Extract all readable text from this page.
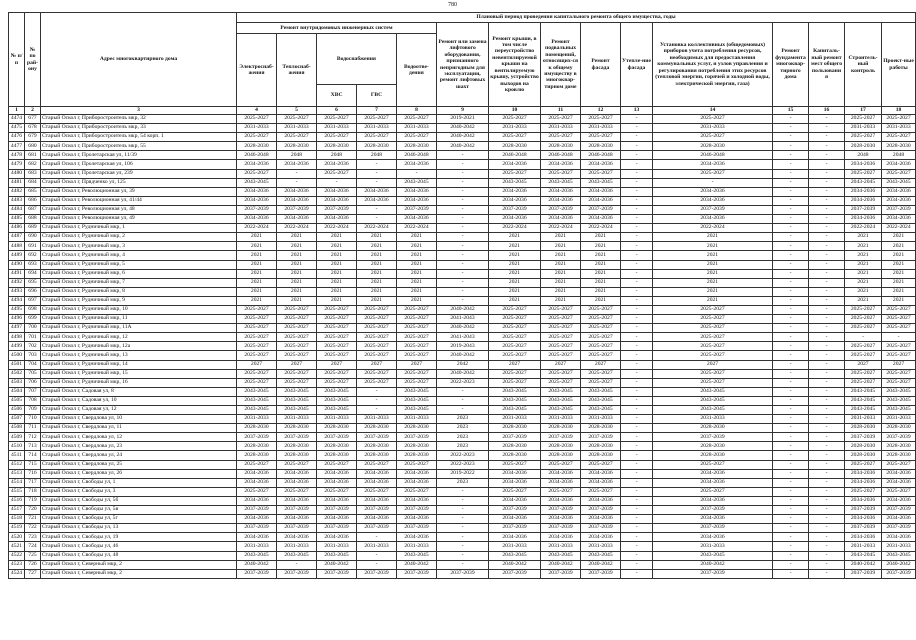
780
№ п/п	№ по рай-ону	Адрес многоквартирного дома	Плановый период проведения капитального ремонта общего имущества, годы
Ремонт внутридомовых инженерных систем	Ремонт или замена лифтового оборудования, признанного непригодным для эксплуатации, ремонт лифтовых шахт	Ремонт крыши, в том числе переустройство невентилируемой крыши на вентилируемую крышу, устройство выходов на кровлю	Ремонт подвальных помещений, относящих-ся к общему имуществу в многоквар-тирном доме	Ремонт фасада	Утепле-ние фасада	Установка коллективных (общедомовых) приборов учета потребления ресурсов, необходимых для предоставления коммунальных услуг, и узлов управления и регулирования потребления этих ресурсов (тепловой энергии, горячей и холодной воды, электрической энергии, газа)	Ремонт фундамента многоквар-тирного дома	Капиталь-ный ремонт мест общего пользовани я	Строитель-ный контроль	Проект-ные работы
Электроснаб-жения	Теплоснаб-жения	
Водоснабжения	Водоотве-дения
ХВС	ГВС

1	2	3	4	5	6	7	8	9	10	11	12	13	14	15	16	17	18
4474	677	Старый Оскол г, Приборостроитель мкр, 32	2025-2027	2025-2027	2025-2027	2025-2027	2025-2027	2019-2021	2025-2027	2025-2027	2025-2027	-	2025-2027	-	-	2025-2027	2025-2027
4475	678	Старый Оскол г, Приборостроитель мкр, 33	2031-2033	2031-2033	2031-2033	2031-2033	2031-2033	2040-2042	2031-2033	2031-2033	2031-2033	-	2031-2033	-	-	2031-2033	2031-2033
4476	679	Старый Оскол г, Приборостроитель мкр, 54 корп. 1	2025-2027	2025-2027	2025-2027	2025-2027	2025-2027	2040-2042	2025-2027	2025-2027	2025-2027	-	2025-2027	-	-	2025-2027	2025-2027
4477	680	Старый Оскол г, Приборостроитель мкр, 55	2028-2030	2028-2030	2028-2030	2028-2030	2028-2030	2040-2042	2028-2030	2028-2030	2028-2030	-	2028-2030	-	-	2028-2030	2028-2030
4478	681	Старый Оскол г, Пролетарская ул, 11/39	2046-2048	2048	2048	2048	2046-2048	-	2046-2048	2046-2048	2046-2048	-	2046-2048	-	-	2048	2048
4479	682	Старый Оскол г, Пролетарская ул, 106	2034-2036	2034-2036	2034-2036	-	2034-2036	-	2034-2036	2034-2036	2034-2036	-	2034-2036	-	-	2034-2036	2034-2036
4480	683	Старый Оскол г, Пролетарская ул, 239	2025-2027	-	2025-2027	-	-	-	2025-2027	2025-2027	2025-2027	-	2025-2027	-	-	2025-2027	2025-2027
4481	684	Старый Оскол г, Прядченко ул, 125	2043-2045	-	-	-	2043-2045	-	2043-2045	2043-2045	2043-2045	-	-	-	-	2043-2045	2043-2045
4482	685	Старый Оскол г, Революционная ул, 39	2034-2036	2034-2036	2034-2036	2034-2036	2034-2036	-	2034-2036	2034-2036	2034-2036	-	2034-2036	-	-	2034-2036	2034-2036
4483	686	Старый Оскол г, Революционная ул, 41/44	2034-2036	2034-2036	2034-2036	2034-2036	2034-2036	-	2034-2036	2034-2036	2034-2036	-	2034-2036	-	-	2034-2036	2034-2036
4484	687	Старый Оскол г, Революционная ул, 48	2037-2039	2037-2039	2037-2039	-	2037-2039	-	2037-2039	2037-2039	2037-2039	-	2037-2039	-	-	2037-2039	2037-2039
4485	688	Старый Оскол г, Революционная ул, 49	2034-2036	2034-2036	2034-2036	-	2034-2036	-	2034-2036	2034-2036	2034-2036	-	2034-2036	-	-	2034-2036	2034-2036
4486	689	Старый Оскол г, Рудничный мкр, 1	2022-2024	2022-2024	2022-2024	2022-2024	2022-2024	-	2022-2024	2022-2024	2022-2024	-	2022-2024	-	-	2022-2024	2022-2024
4487	690	Старый Оскол г, Рудничный мкр, 2	2021	2021	2021	2021	2021	-	2021	2021	2021	-	2021	-	-	2021	2021
4488	691	Старый Оскол г, Рудничный мкр, 3	2021	2021	2021	2021	2021	-	2021	2021	2021	-	2021	-	-	2021	2021
4489	692	Старый Оскол г, Рудничный мкр, 4	2021	2021	2021	2021	2021	-	2021	2021	2021	-	2021	-	-	2021	2021
4490	693	Старый Оскол г, Рудничный мкр, 5	2021	2021	2021	2021	2021	-	2021	2021	2021	-	2021	-	-	2021	2021
4491	694	Старый Оскол г, Рудничный мкр, 6	2021	2021	2021	2021	2021	-	2021	2021	2021	-	2021	-	-	2021	2021
4492	695	Старый Оскол г, Рудничный мкр, 7	2021	2021	2021	2021	2021	-	2021	2021	2021	-	2021	-	-	2021	2021
4493	696	Старый Оскол г, Рудничный мкр, 8	2021	2021	2021	2021	2021	-	2021	2021	2021	-	2021	-	-	2021	2021
4494	697	Старый Оскол г, Рудничный мкр, 9	2021	2021	2021	2021	2021	-	2021	2021	2021	-	2021	-	-	2021	2021
4495	698	Старый Оскол г, Рудничный мкр, 10	2025-2027	2025-2027	2025-2027	2025-2027	2025-2027	2040-2042	2025-2027	2025-2027	2025-2027	-	2025-2027	-	-	2025-2027	2025-2027
4496	699	Старый Оскол г, Рудничный мкр, 11	2025-2027	2025-2027	2025-2027	2025-2027	2025-2027	2041-2043	2025-2027	2025-2027	2025-2027	-	2025-2027	-	-	2025-2027	2025-2027
4497	700	Старый Оскол г, Рудничный мкр, 11А	2025-2027	2025-2027	2025-2027	2025-2027	2025-2027	2040-2042	2025-2027	2025-2027	2025-2027	-	2025-2027	-	-	2025-2027	2025-2027
4498	701	Старый Оскол г, Рудничный мкр, 12	2025-2027	2025-2027	2025-2027	2025-2027	2025-2027	2041-2043	2025-2027	2025-2027	2025-2027	-	2025-2027	-	-	-	-
4499	702	Старый Оскол г, Рудничный мкр, 12а	2025-2027	2025-2027	2025-2027	2025-2027	2025-2027	2019-2043	2025-2027	2025-2027	2025-2027	-	2025-2027	-	-	2025-2027	2025-2027
4500	703	Старый Оскол г, Рудничный мкр, 13	2025-2027	2025-2027	2025-2027	2025-2027	2025-2027	2040-2042	2025-2027	2025-2027	2025-2027	-	2025-2027	-	-	2025-2027	2025-2027
4501	704	Старый Оскол г, Рудничный мкр, 14	2027	2027	2027	2027	2027	2042	2027	2027	2027	-	2027	-	-	2027	2027
4502	705	Старый Оскол г, Рудничный мкр, 15	2025-2027	2025-2027	2025-2027	2025-2027	2025-2027	2040-2042	2025-2027	2025-2027	2025-2027	-	2025-2027	-	-	2025-2027	2025-2027
4503	706	Старый Оскол г, Рудничный мкр, 16	2025-2027	2025-2027	2025-2027	2025-2027	2025-2027	2022-2023	2025-2027	2025-2027	2025-2027	-	2025-2027	-	-	2025-2027	2025-2027
4504	707	Старый Оскол г, Садовая ул, 8	2043-2045	2043-2045	2043-2045	-	2043-2045	-	2043-2045	2043-2045	2043-2045	-	2043-2045	-	-	2043-2045	2043-2045
4505	708	Старый Оскол г, Садовая ул, 10	2043-2045	2043-2045	2043-2045	-	2043-2045	-	2043-2045	2043-2045	2043-2045	-	2043-2045	-	-	2043-2045	2043-2045
4506	709	Старый Оскол г, Садовая ул, 12	2043-2045	2043-2045	2043-2045	-	2043-2045	-	2043-2045	2043-2045	2043-2045	-	2043-2045	-	-	2043-2045	2043-2045
4507	710	Старый Оскол г, Свердлова ул, 10	2031-2033	2031-2033	2031-2033	2031-2033	2031-2033	2023	2031-2033	2031-2033	2031-2033	-	2031-2033	-	-	2031-2033	2031-2033
4508	711	Старый Оскол г, Свердлова ул, 11	2028-2030	2028-2030	2028-2030	2028-2030	2028-2030	2023	2028-2030	2028-2030	2028-2030	-	2028-2030	-	-	2028-2030	2028-2030
4509	712	Старый Оскол г, Свердлова ул, 12	2037-2039	2037-2039	2037-2039	2037-2039	2037-2039	2023	2037-2039	2037-2039	2037-2039	-	2037-2039	-	-	2037-2039	2037-2039
4510	713	Старый Оскол г, Свердлова ул, 23	2028-2030	2028-2030	2028-2030	2028-2030	2028-2030	2023	2028-2030	2028-2030	2028-2030	-	2028-2030	-	-	2028-2030	2028-2030
4511	714	Старый Оскол г, Свердлова ул, 24	2028-2030	2028-2030	2028-2030	2028-2030	2028-2030	2022-2023	2028-2030	2028-2030	2028-2030	-	2028-2030	-	-	2028-2030	2028-2030
4512	715	Старый Оскол г, Свердлова ул, 25	2025-2027	2025-2027	2025-2027	2025-2027	2025-2027	2022-2023	2025-2027	2025-2027	2025-2027	-	2025-2027	-	-	2025-2027	2025-2027
4513	716	Старый Оскол г, Свердлова ул, 26	2034-2036	2034-2036	2034-2036	2034-2036	2034-2036	2019-2022	2034-2036	2034-2036	2034-2036	-	2034-2036	-	-	2034-2036	2034-2036
4514	717	Старый Оскол г, Свободы ул, 1	2034-2036	2034-2036	2034-2036	2034-2036	2034-2036	2023	2034-2036	2034-2036	2034-2036	-	2034-2036	-	-	2034-2036	2034-2036
4515	718	Старый Оскол г, Свободы ул, 3	2025-2027	2025-2027	2025-2027	2025-2027	2025-2027	-	2025-2027	2025-2027	2025-2027	-	2025-2027	-	-	2025-2027	2025-2027
4516	719	Старый Оскол г, Свободы ул, 5б	2034-2036	2034-2036	2034-2036	2034-2036	2034-2036	-	2034-2036	2034-2036	2034-2036	-	2034-2036	-	-	2034-2036	2034-2036
4517	720	Старый Оскол г, Свободы ул, 5в	2037-2039	2037-2039	2037-2039	2037-2039	2037-2039	-	2037-2039	2037-2039	2037-2039	-	2037-2039	-	-	2037-2039	2037-2039
4518	721	Старый Оскол г, Свободы ул, 5г	2034-2036	2034-2036	2034-2036	2034-2036	2034-2036	-	2034-2036	2034-2036	2034-2036	-	2034-2036	-	-	2034-2036	2034-2036
4519	722	Старый Оскол г, Свободы ул, 13	2037-2039	2037-2039	2037-2039	2037-2039	2037-2039	-	2037-2039	2037-2039	2037-2039	-	2037-2039	-	-	2037-2039	2037-2039
4520	723	Старый Оскол г, Свободы ул, 19	2034-2036	2034-2036	2034-2036	-	2034-2036	-	2034-2036	2034-2036	2034-2036	-	2034-2036	-	-	2034-2036	2034-2036
4521	724	Старый Оскол г, Свободы ул, 46	2031-2033	2031-2033	2031-2033	2031-2033	2031-2033	-	2031-2033	2031-2033	2031-2033	-	2031-2033	-	-	2031-2033	2031-2033
4522	725	Старый Оскол г, Свободы ул, 48	2043-2045	2043-2045	2043-2045	-	2043-2045	-	2043-2045	2043-2045	2043-2045	-	2043-2045	-	-	2043-2045	2043-2045
4523	726	Старый Оскол г, Северный мкр, 2	2040-2042	-	2040-2042	-	2040-2042	-	2040-2042	2040-2042	2040-2042	-	2040-2042	-	-	2040-2042	2040-2042
4524	727	Старый Оскол г, Северный мкр, 2	2037-2039	2037-2039	2037-2039	2037-2039	2037-2039	2037-2039	2037-2039	2037-2039	2037-2039	-	2037-2039	-	-	2037-2039	2037-2039
